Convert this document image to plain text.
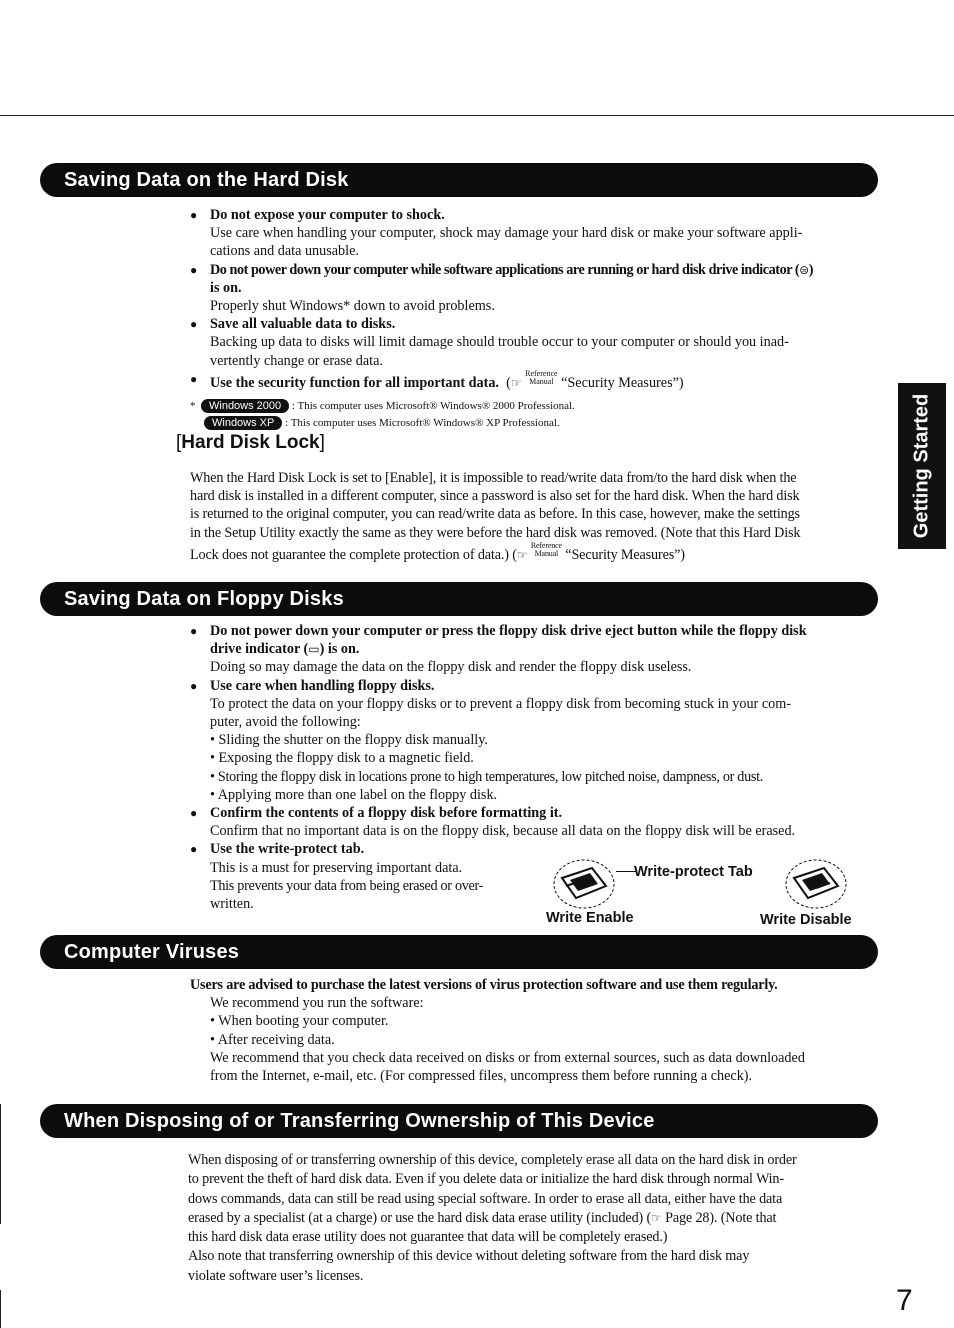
Saving Data on the Hard Disk
● Do not expose your computer to shock.
Use care when handling your computer, shock may damage your hard disk or make your software appli-
cations and data unusable.
● Do not power down your computer while software applications are running or hard disk drive indicator (⊜)
is on.
Properly shut Windows* down to avoid problems.
● Save all valuable data to disks.
Backing up data to disks will limit damage should trouble occur to your computer or should you inad-
vertently change or erase data.
● Use the security function for all important data. (☞ Reference
Manual “Security Measures”)
* Windows 2000 : This computer uses Microsoft® Windows® 2000 Professional.
Windows XP : This computer uses Microsoft® Windows® XP Professional.
[Hard Disk Lock]
When the Hard Disk Lock is set to [Enable], it is impossible to read/write data from/to the hard disk when the
hard disk is installed in a different computer, since a password is also set for the hard disk. When the hard disk
is returned to the original computer, you can read/write data as before. In this case, however, make the settings
in the Setup Utility exactly the same as they were before the hard disk was removed. (Note that this Hard Disk
Lock does not guarantee the complete protection of data.) (☞ Reference
Manual “Security Measures”)
Saving Data on Floppy Disks
● Do not power down your computer or press the floppy disk drive eject button while the floppy disk
drive indicator (▭) is on.
Doing so may damage the data on the floppy disk and render the floppy disk useless.
● Use care when handling floppy disks.
To protect the data on your floppy disks or to prevent a floppy disk from becoming stuck in your com-
puter, avoid the following:
• Sliding the shutter on the floppy disk manually.
• Exposing the floppy disk to a magnetic field.
• Storing the floppy disk in locations prone to high temperatures, low pitched noise, dampness, or dust.
• Applying more than one label on the floppy disk.
● Confirm the contents of a floppy disk before formatting it.
Confirm that no important data is on the floppy disk, because all data on the floppy disk will be erased.
● Use the write-protect tab.
This is a must for preserving important data.
This prevents your data from being erased or over-
written.
Write-protect Tab
Write Enable	Write Disable
Computer Viruses
Users are advised to purchase the latest versions of virus protection software and use them regularly.
We recommend you run the software:
• When booting your computer.
• After receiving data.
We recommend that you check data received on disks or from external sources, such as data downloaded
from the Internet, e-mail, etc. (For compressed files, uncompress them before running a check).
When Disposing of or Transferring Ownership of This Device
When disposing of or transferring ownership of this device, completely erase all data on the hard disk in order
to prevent the theft of hard disk data. Even if you delete data or initialize the hard disk through normal Win-
dows commands, data can still be read using special software. In order to erase all data, either have the data
erased by a specialist (at a charge) or use the hard disk data erase utility (included) (☞ Page 28). (Note that
this hard disk data erase utility does not guarantee that data will be completely erased.)
Also note that transferring ownership of this device without deleting software from the hard disk may
violate software user’s licenses.
Getting Started
7
